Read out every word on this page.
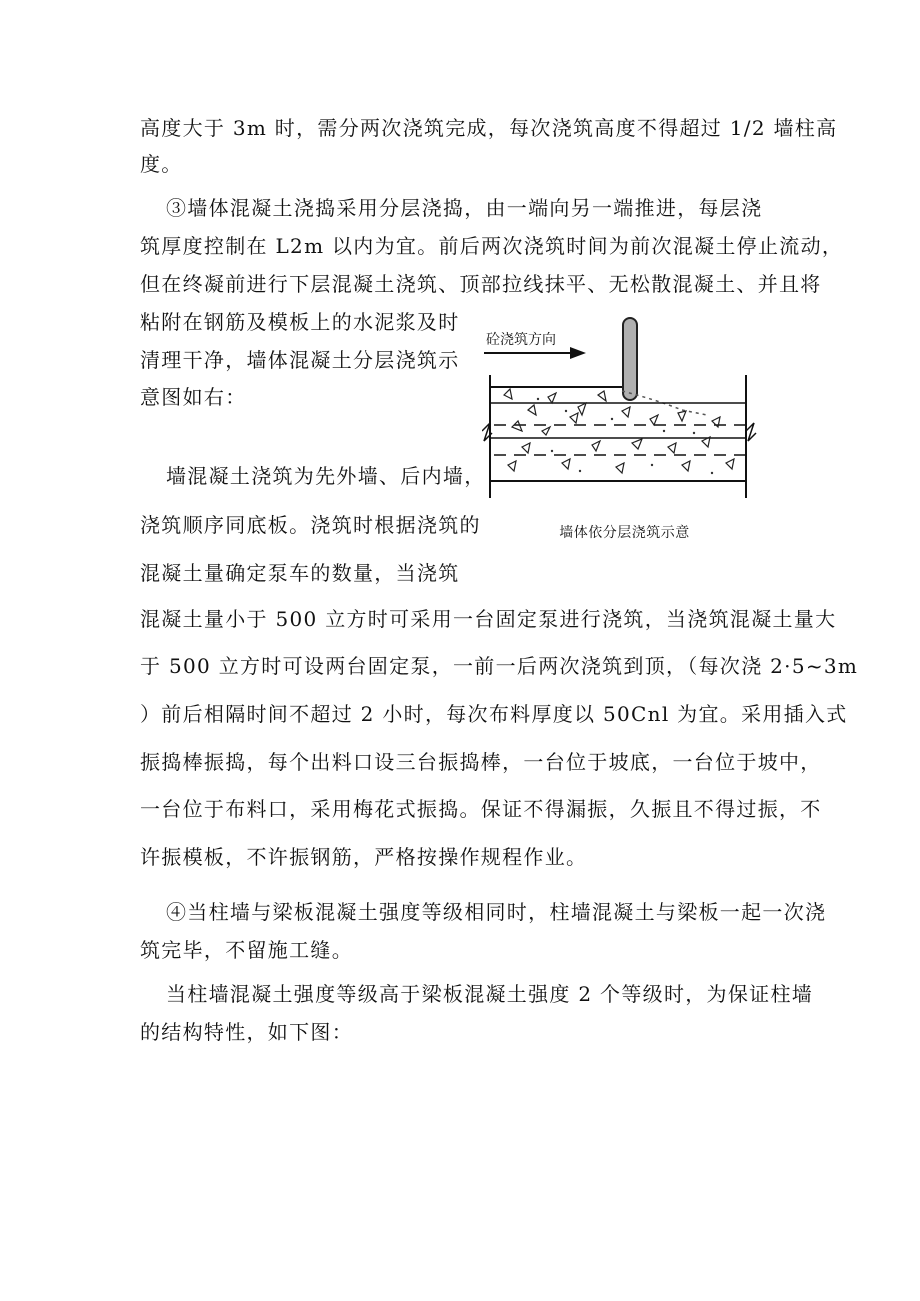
高度大于 3m 时，需分两次浇筑完成，每次浇筑高度不得超过 1/2 墙柱高
度。
③墙体混凝土浇捣采用分层浇捣，由一端向另一端推进，每层浇
筑厚度控制在 L2m 以内为宜。前后两次浇筑时间为前次混凝土停止流动，
但在终凝前进行下层混凝土浇筑、顶部拉线抹平、无松散混凝土、并且将
粘附在钢筋及模板上的水泥浆及时
清理干净，墙体混凝土分层浇筑示
意图如右：
墙混凝土浇筑为先外墙、后内墙，
浇筑顺序同底板。浇筑时根据浇筑的
混凝土量确定泵车的数量，当浇筑
混凝土量小于 500 立方时可采用一台固定泵进行浇筑，当浇筑混凝土量大
于 500 立方时可设两台固定泵，一前一后两次浇筑到顶，（每次浇 2·5~3m
）前后相隔时间不超过 2 小时，每次布料厚度以 50Cnl 为宜。采用插入式
振捣棒振捣，每个出料口设三台振捣棒，一台位于坡底，一台位于坡中，
一台位于布料口，采用梅花式振捣。保证不得漏振，久振且不得过振，不
许振模板，不许振钢筋，严格按操作规程作业。
④当柱墙与梁板混凝土强度等级相同时，柱墙混凝土与梁板一起一次浇
筑完毕，不留施工缝。
当柱墙混凝土强度等级高于梁板混凝土强度 2 个等级时，为保证柱墙
的结构特性，如下图：
砼浇筑方向
墙体依分层浇筑示意
